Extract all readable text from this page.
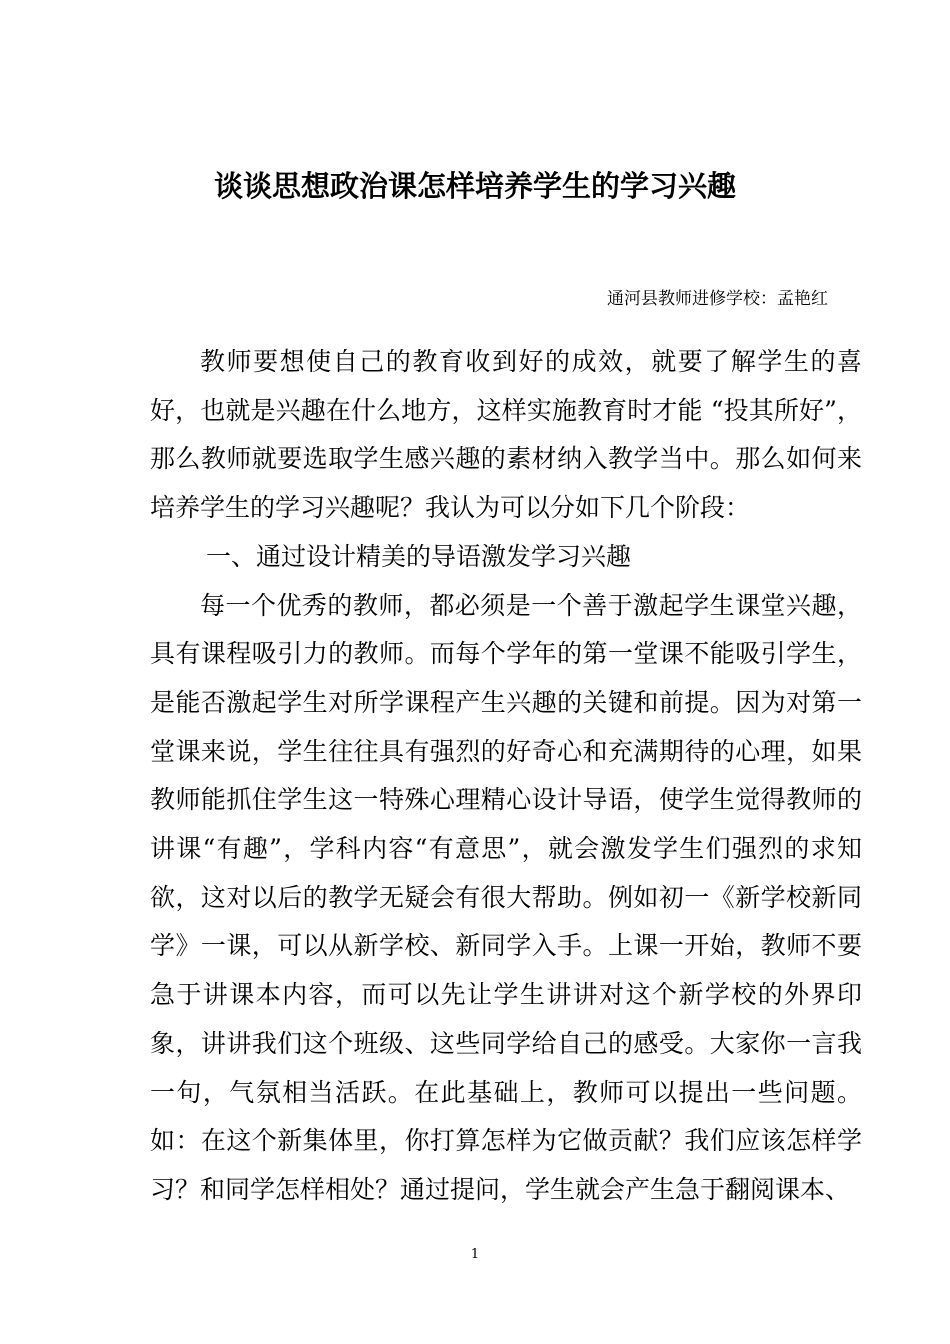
谈谈思想政治课怎样培养学生的学习兴趣
通河县教师进修学校：孟艳红

教师要想使自己的教育收到好的成效，就要了解学生的喜好，也就是兴趣在什么地方，这样实施教育时才能 “投其所好”，那么教师就要选取学生感兴趣的素材纳入教学当中。那么如何来培养学生的学习兴趣呢？我认为可以分如下几个阶段：

一、通过设计精美的导语激发学习兴趣

每一个优秀的教师，都必须是一个善于激起学生课堂兴趣，具有课程吸引力的教师。而每个学年的第一堂课不能吸引学生，是能否激起学生对所学课程产生兴趣的关键和前提。因为对第一堂课来说，学生往往具有强烈的好奇心和充满期待的心理，如果教师能抓住学生这一特殊心理精心设计导语，使学生觉得教师的讲课“有趣”，学科内容“有意思”，就会激发学生们强烈的求知欲，这对以后的教学无疑会有很大帮助。例如初一《新学校新同学》一课，可以从新学校、新同学入手。上课一开始，教师不要急于讲课本内容，而可以先让学生讲讲对这个新学校的外界印象，讲讲我们这个班级、这些同学给自己的感受。大家你一言我一句，气氛相当活跃。在此基础上，教师可以提出一些问题。如：在这个新集体里，你打算怎样为它做贡献？我们应该怎样学习？和同学怎样相处？通过提问，学生就会产生急于翻阅课本、

1
